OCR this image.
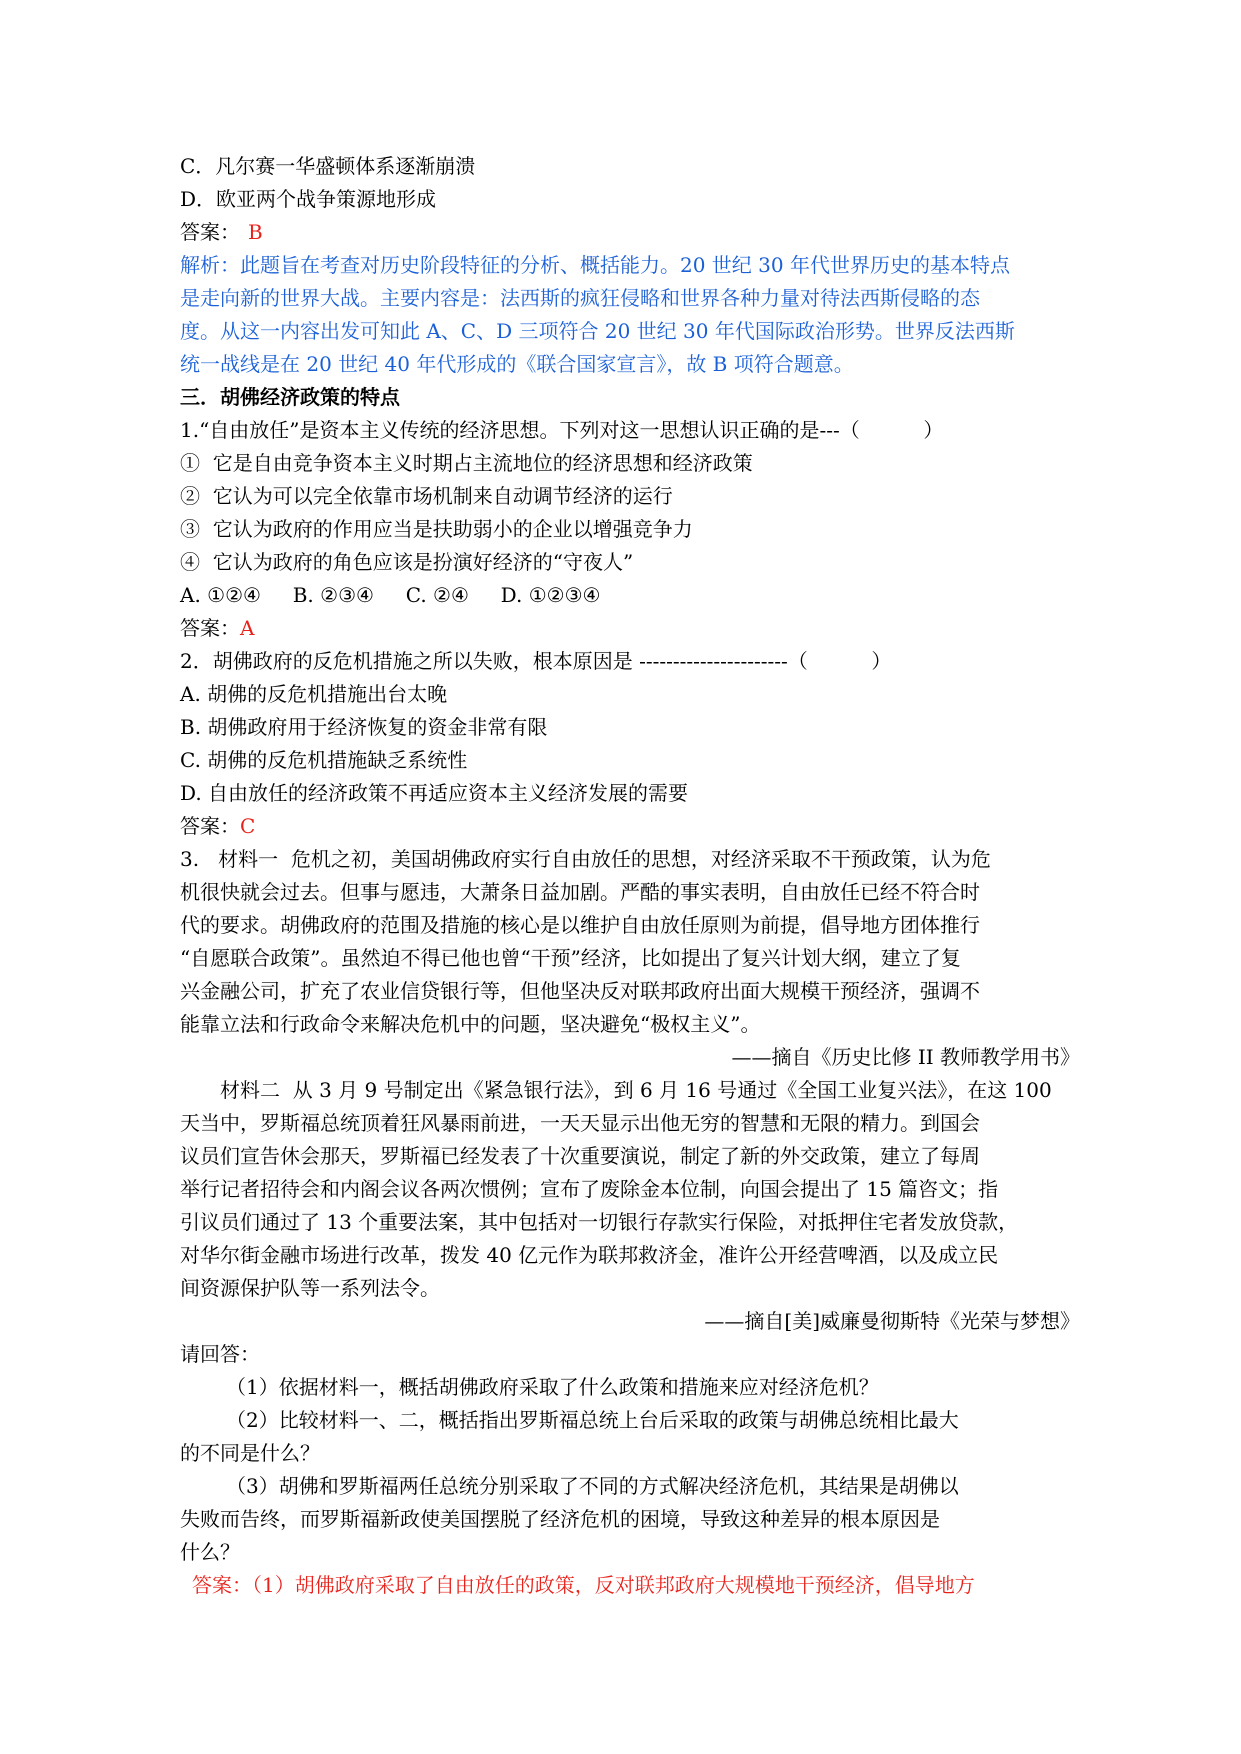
C．凡尔赛一华盛顿体系逐渐崩溃
D．欧亚两个战争策源地形成
答案： B
解析：此题旨在考查对历史阶段特征的分析、概括能力。20 世纪 30 年代世界历史的基本特点
是走向新的世界大战。主要内容是：法西斯的疯狂侵略和世界各种力量对待法西斯侵略的态
度。从这一内容出发可知此 A、C、D 三项符合 20 世纪 30 年代国际政治形势。世界反法西斯
统一战线是在 20 世纪 40 年代形成的《联合国家宣言》，故 B 项符合题意。
三．胡佛经济政策的特点
1.“自由放任”是资本主义传统的经济思想。下列对这一思想认识正确的是---（          ）
①  它是自由竞争资本主义时期占主流地位的经济思想和经济政策
②  它认为可以完全依靠市场机制来自动调节经济的运行
③  它认为政府的作用应当是扶助弱小的企业以增强竞争力
④  它认为政府的角色应该是扮演好经济的“守夜人”
A. ①②④     B. ②③④     C. ②④     D. ①②③④
答案：A
2．胡佛政府的反危机措施之所以失败，根本原因是 ----------------------（          ）
A. 胡佛的反危机措施出台太晚
B. 胡佛政府用于经济恢复的资金非常有限
C. 胡佛的反危机措施缺乏系统性
D. 自由放任的经济政策不再适应资本主义经济发展的需要
答案：C
3.   材料一  危机之初，美国胡佛政府实行自由放任的思想，对经济采取不干预政策，认为危
机很快就会过去。但事与愿违，大萧条日益加剧。严酷的事实表明，自由放任已经不符合时
代的要求。胡佛政府的范围及措施的核心是以维护自由放任原则为前提，倡导地方团体推行
“自愿联合政策”。虽然迫不得已他也曾“干预”经济，比如提出了复兴计划大纲，建立了复
兴金融公司，扩充了农业信贷银行等，但他坚决反对联邦政府出面大规模干预经济，强调不
能靠立法和行政命令来解决危机中的问题，坚决避免“极权主义”。
——摘自《历史比修 II 教师教学用书》
材料二  从 3 月 9 号制定出《紧急银行法》，到 6 月 16 号通过《全国工业复兴法》，在这 100
天当中，罗斯福总统顶着狂风暴雨前进，一天天显示出他无穷的智慧和无限的精力。到国会
议员们宣告休会那天，罗斯福已经发表了十次重要演说，制定了新的外交政策，建立了每周
举行记者招待会和内阁会议各两次惯例；宣布了废除金本位制，向国会提出了 15 篇咨文；指
引议员们通过了 13 个重要法案，其中包括对一切银行存款实行保险，对抵押住宅者发放贷款，
对华尔街金融市场进行改革，拨发 40 亿元作为联邦救济金，准许公开经营啤酒，以及成立民
间资源保护队等一系列法令。
——摘自[美]威廉曼彻斯特《光荣与梦想》
请回答：
（1）依据材料一，概括胡佛政府采取了什么政策和措施来应对经济危机？
（2）比较材料一、二，概括指出罗斯福总统上台后采取的政策与胡佛总统相比最大
的不同是什么？
（3）胡佛和罗斯福两任总统分别采取了不同的方式解决经济危机，其结果是胡佛以
失败而告终，而罗斯福新政使美国摆脱了经济危机的困境，导致这种差异的根本原因是
什么？
答案：（1）胡佛政府采取了自由放任的政策，反对联邦政府大规模地干预经济，倡导地方
